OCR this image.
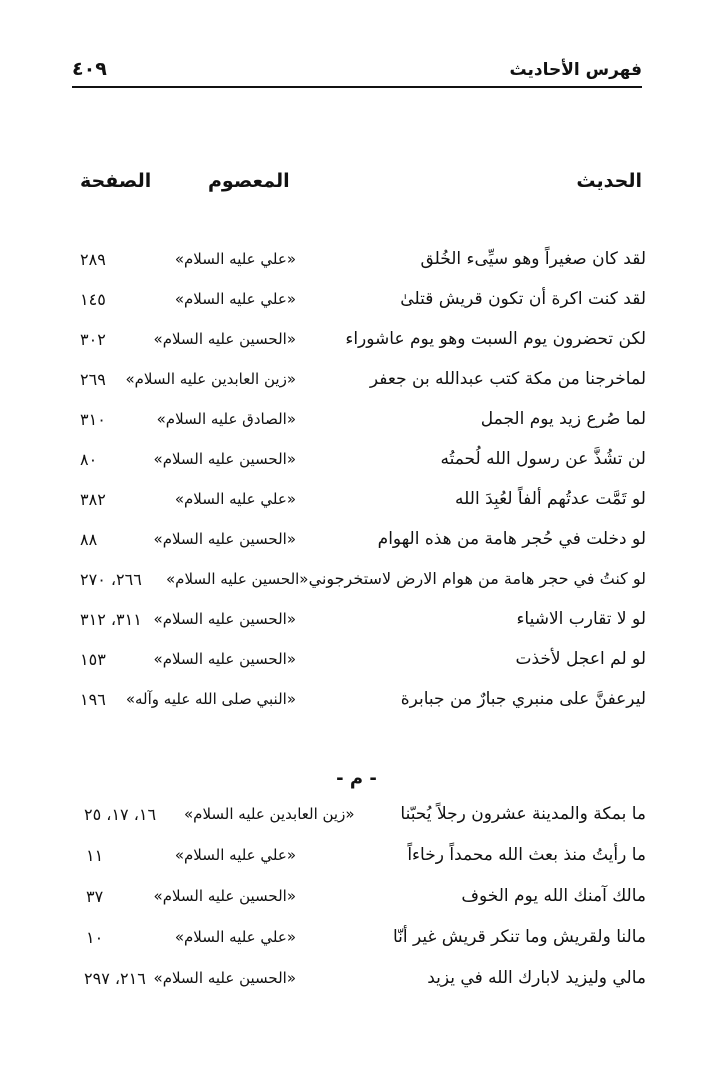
٤٠٩	فهرس الأحاديث
الحديث
المعصوم
الصفحة
لقد كان صغيراً وهو سيِّىء الخُلق
«علي عليه السلام»
٢٨٩
لقد كنت اكرة أن تكون قريش قتلىٰ
«علي عليه السلام»
١٤٥
لكن تحضرون يوم السبت وهو يوم عاشوراء
«الحسين عليه السلام»
٣٠٢
لماخرجنا من مكة كتب عبدالله بن جعفر
«زين العابدين عليه السلام»
٢٦٩
لما صُرع زيد يوم الجمل
«الصادق عليه السلام»
٣١٠
لن تشُذَّ عن رسول الله لُحمتُه
«الحسين عليه السلام»
٨٠
لو تَمَّت عدتُهم ألفاً لعُبِدَ الله
«علي عليه السلام»
٣٨٢
لو دخلت في حُجر هامة من هذه الهوام
«الحسين عليه السلام»
٨٨
لو كنتُ في حجر هامة من هوام الارض لاستخرجوني
«الحسين عليه السلام»
٢٦٦، ٢٧٠
لو لا تقارب الاشياء
«الحسين عليه السلام»
٣١١، ٣١٢
لو لم اعجل لأخذت
«الحسين عليه السلام»
١٥٣
ليرعفنَّ على منبري جبارٌ من جبابرة
«النبي صلى الله عليه وآله»
١٩٦
- م -
ما بمكة والمدينة عشرون رجلاً يُحبّنا
«زين العابدين عليه السلام»
١٦، ١٧، ٢٥
ما رأيتُ منذ بعث الله محمداً رخاءاً
«علي عليه السلام»
١١
مالك آمنك الله يوم الخوف
«الحسين عليه السلام»
٣٧
مالنا ولقريش وما تنكر قريش غير أنّا
«علي عليه السلام»
١٠
مالي وليزيد لابارك الله في يزيد
«الحسين عليه السلام»
٢١٦، ٢٩٧
